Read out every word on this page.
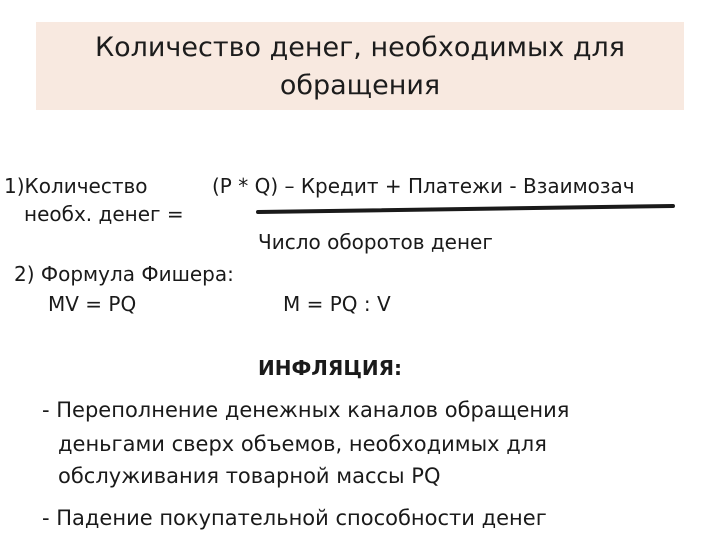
Количество денег, необходимых для
обращения
1)Количество
необх. денег =
(P * Q) – Кредит + Платежи - Взаимозач
Число оборотов денег
2) Формула Фишера:
MV = PQ	M = PQ : V
ИНФЛЯЦИЯ:
- Переполнение денежных каналов обращения
деньгами сверх объемов, необходимых для
обслуживания товарной массы PQ
- Падение покупательной способности денег
